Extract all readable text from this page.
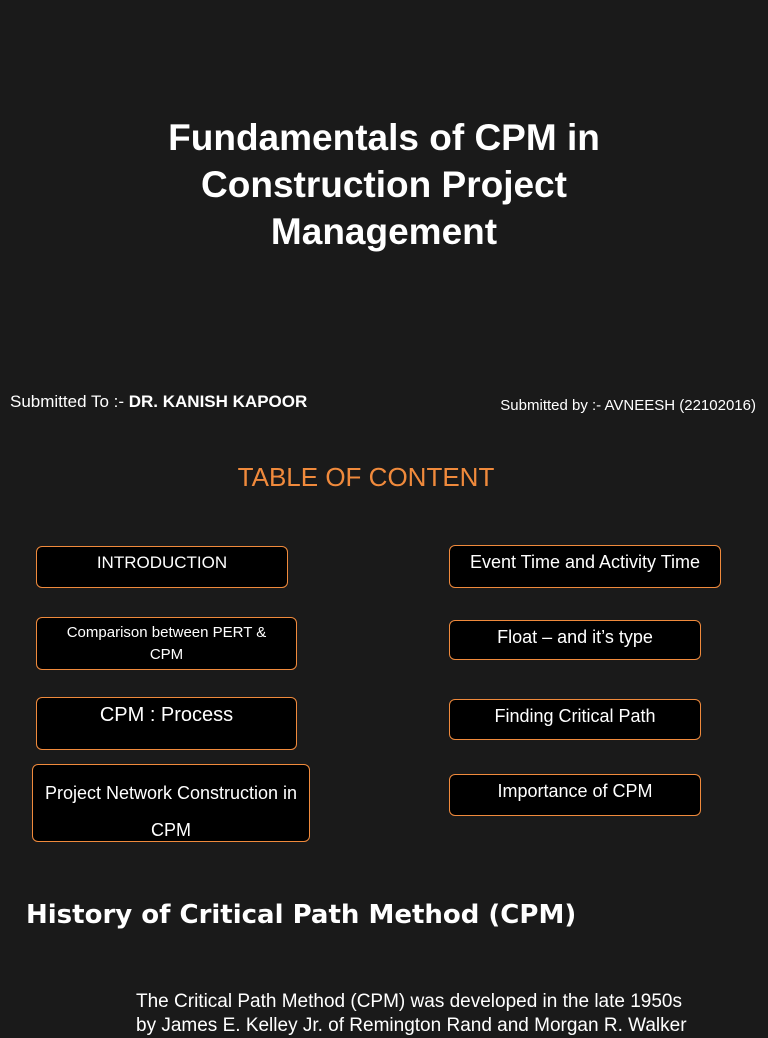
Fundamentals of CPM in Construction Project Management
Submitted To :- DR. KANISH KAPOOR	Submitted by :- AVNEESH (22102016)
TABLE OF CONTENT
INTRODUCTION
Comparison between PERT & CPM
CPM : Process
Project Network Construction in CPM
Event Time and Activity Time
Float – and it’s type
Finding Critical Path
Importance of CPM
History of Critical Path Method (CPM)
The Critical Path Method (CPM) was developed in the late 1950s
by James E. Kelley Jr. of Remington Rand and Morgan R. Walker
